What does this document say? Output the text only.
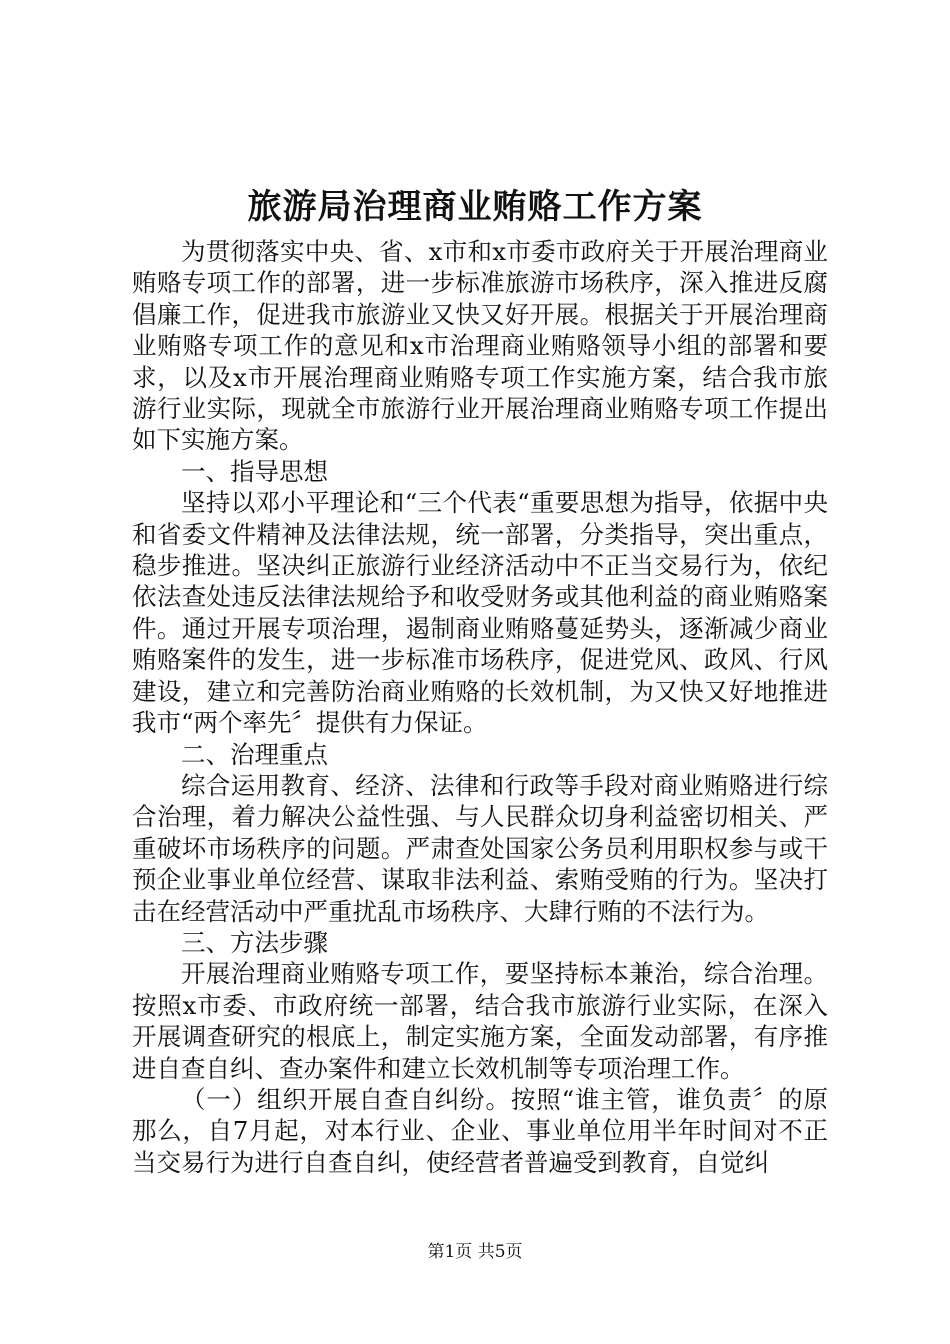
旅游局治理商业贿赂工作方案

为贯彻落实中央、省、x市和x市委市政府关于开展治理商业贿赂专项工作的部署，进一步标准旅游市场秩序，深入推进反腐倡廉工作，促进我市旅游业又快又好开展。根据关于开展治理商业贿赂专项工作的意见和x市治理商业贿赂领导小组的部署和要求，以及x市开展治理商业贿赂专项工作实施方案，结合我市旅游行业实际，现就全市旅游行业开展治理商业贿赂专项工作提出如下实施方案。

一、指导思想

坚持以邓小平理论和“三个代表“重要思想为指导，依据中央和省委文件精神及法律法规，统一部署，分类指导，突出重点，稳步推进。坚决纠正旅游行业经济活动中不正当交易行为，依纪依法查处违反法律法规给予和收受财务或其他利益的商业贿赂案件。通过开展专项治理，遏制商业贿赂蔓延势头，逐渐减少商业贿赂案件的发生，进一步标准市场秩序，促进党风、政风、行风建设，建立和完善防治商业贿赂的长效机制，为又快又好地推进我市“两个率先〞提供有力保证。

二、治理重点

综合运用教育、经济、法律和行政等手段对商业贿赂进行综合治理，着力解决公益性强、与人民群众切身利益密切相关、严重破坏市场秩序的问题。严肃查处国家公务员利用职权参与或干预企业事业单位经营、谋取非法利益、索贿受贿的行为。坚决打击在经营活动中严重扰乱市场秩序、大肆行贿的不法行为。

三、方法步骤

开展治理商业贿赂专项工作，要坚持标本兼治，综合治理。按照x市委、市政府统一部署，结合我市旅游行业实际，在深入开展调查研究的根底上，制定实施方案，全面发动部署，有序推进自查自纠、查办案件和建立长效机制等专项治理工作。

（一）组织开展自查自纠纷。按照“谁主管，谁负责〞的原那么，自7月起，对本行业、企业、事业单位用半年时间对不正当交易行为进行自查自纠，使经营者普遍受到教育，自觉纠

第1页 共5页
